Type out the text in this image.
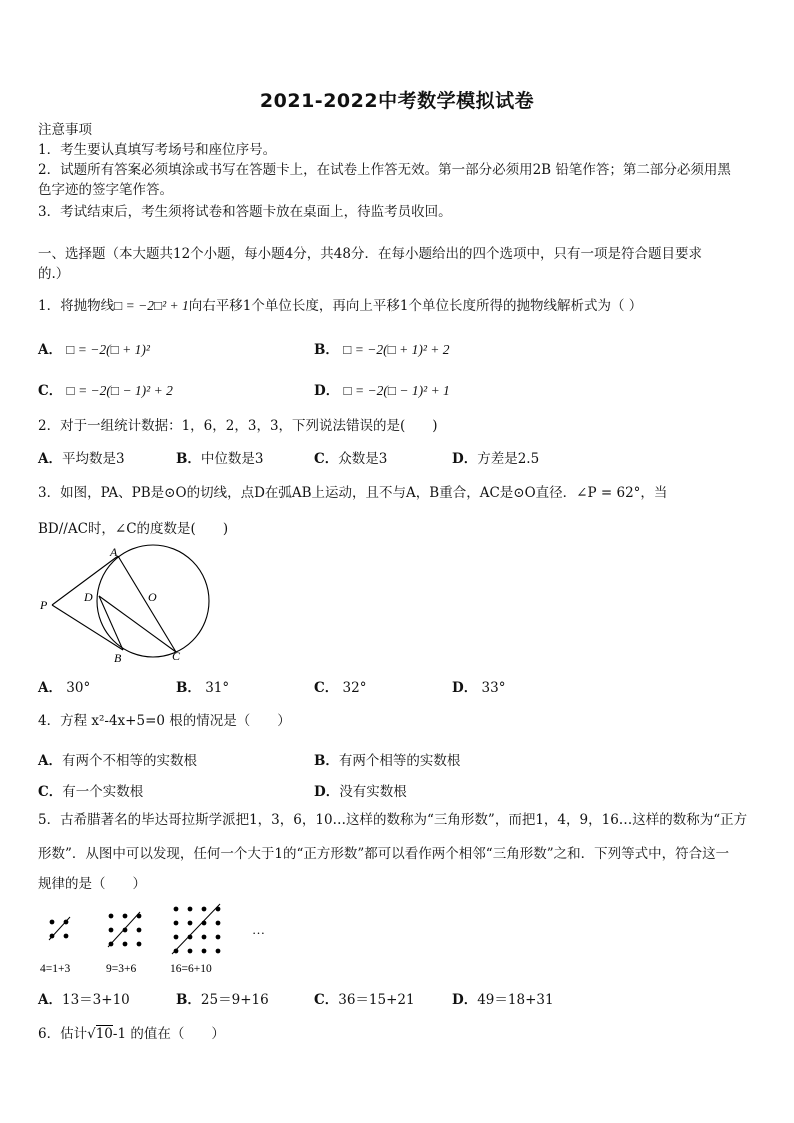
2021-2022中考数学模拟试卷
注意事项
1．考生要认真填写考场号和座位序号。
2．试题所有答案必须填涂或书写在答题卡上，在试卷上作答无效。第一部分必须用2B 铅笔作答；第二部分必须用黑
色字迹的签字笔作答。
3．考试结束后，考生须将试卷和答题卡放在桌面上，待监考员收回。
一、选择题（本大题共12个小题，每小题4分，共48分．在每小题给出的四个选项中，只有一项是符合题目要求
的.）
1．将抛物线□ = −2□² + 1向右平移1个单位长度，再向上平移1个单位长度所得的抛物线解析式为（ ）
A． □ = −2(□ + 1)²	B． □ = −2(□ + 1)² + 2
C． □ = −2(□ − 1)² + 2	D． □ = −2(□ − 1)² + 1
2．对于一组统计数据：1，6，2，3，3，下列说法错误的是(　　)
A．平均数是3	B．中位数是3	C．众数是3	D．方差是2.5
3．如图，PA、PB是⊙O的切线，点D在弧AB上运动，且不与A，B重合，AC是⊙O直径．∠P = 62°，当
BD//AC时，∠C的度数是(　　)
A
O
P
D
B	C
A． 30°	B． 31°	C． 32°	D． 33°
4．方程 x²-4x+5=0 根的情况是（　　）
A．有两个不相等的实数根	B．有两个相等的实数根
C．有一个实数根	D．没有实数根
5．古希腊著名的毕达哥拉斯学派把1，3，6，10…这样的数称为“三角形数”，而把1，4，9，16…这样的数称为“正方
形数”．从图中可以发现，任何一个大于1的“正方形数”都可以看作两个相邻“三角形数”之和．下列等式中，符合这一
规律的是（　　）
…
4=1+3	9=3+6	16=6+10
A．13＝3+10	B．25＝9+16	C．36＝15+21	D．49＝18+31
6．估计√10-1 的值在（　　）
